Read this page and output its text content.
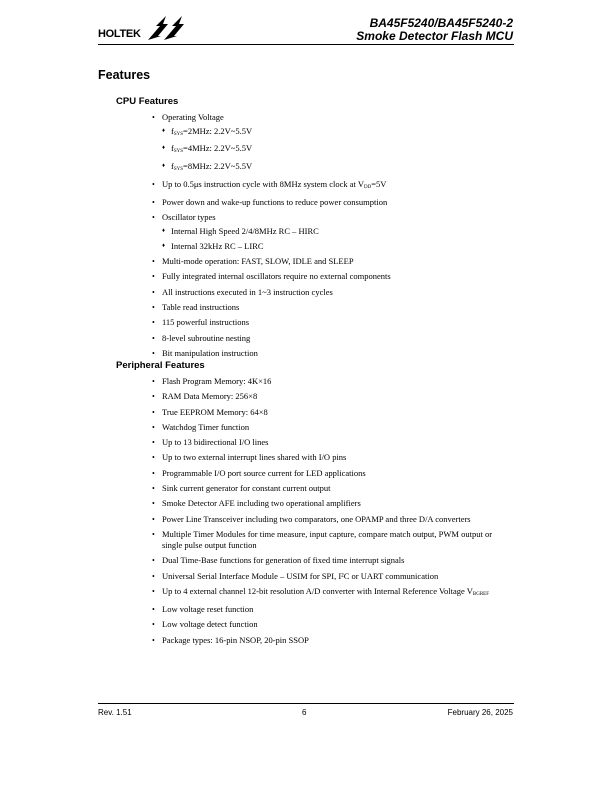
HOLTEK
BA45F5240/BA45F5240-2
Smoke Detector Flash MCU
Features
CPU Features
• Operating Voltage
♦ fSYS=2MHz: 2.2V~5.5V
♦ fSYS=4MHz: 2.2V~5.5V
♦ fSYS=8MHz: 2.2V~5.5V
• Up to 0.5μs instruction cycle with 8MHz system clock at VDD=5V
• Power down and wake-up functions to reduce power consumption
• Oscillator types
♦ Internal High Speed 2/4/8MHz RC – HIRC
♦ Internal 32kHz RC – LIRC
• Multi-mode operation: FAST, SLOW, IDLE and SLEEP
• Fully integrated internal oscillators require no external components
• All instructions executed in 1~3 instruction cycles
• Table read instructions
• 115 powerful instructions
• 8-level subroutine nesting
• Bit manipulation instruction
Peripheral Features
• Flash Program Memory: 4K×16
• RAM Data Memory: 256×8
• True EEPROM Memory: 64×8
• Watchdog Timer function
• Up to 13 bidirectional I/O lines
• Up to two external interrupt lines shared with I/O pins
• Programmable I/O port source current for LED applications
• Sink current generator for constant current output
• Smoke Detector AFE including two operational amplifiers
• Power Line Transceiver including two comparators, one OPAMP and three D/A converters
• Multiple Timer Modules for time measure, input capture, compare match output, PWM output or single pulse output function
• Dual Time-Base functions for generation of fixed time interrupt signals
• Universal Serial Interface Module – USIM for SPI, I²C or UART communication
• Up to 4 external channel 12-bit resolution A/D converter with Internal Reference Voltage VBGREF
• Low voltage reset function
• Low voltage detect function
• Package types: 16-pin NSOP, 20-pin SSOP
Rev. 1.51	6	February 26, 2025
